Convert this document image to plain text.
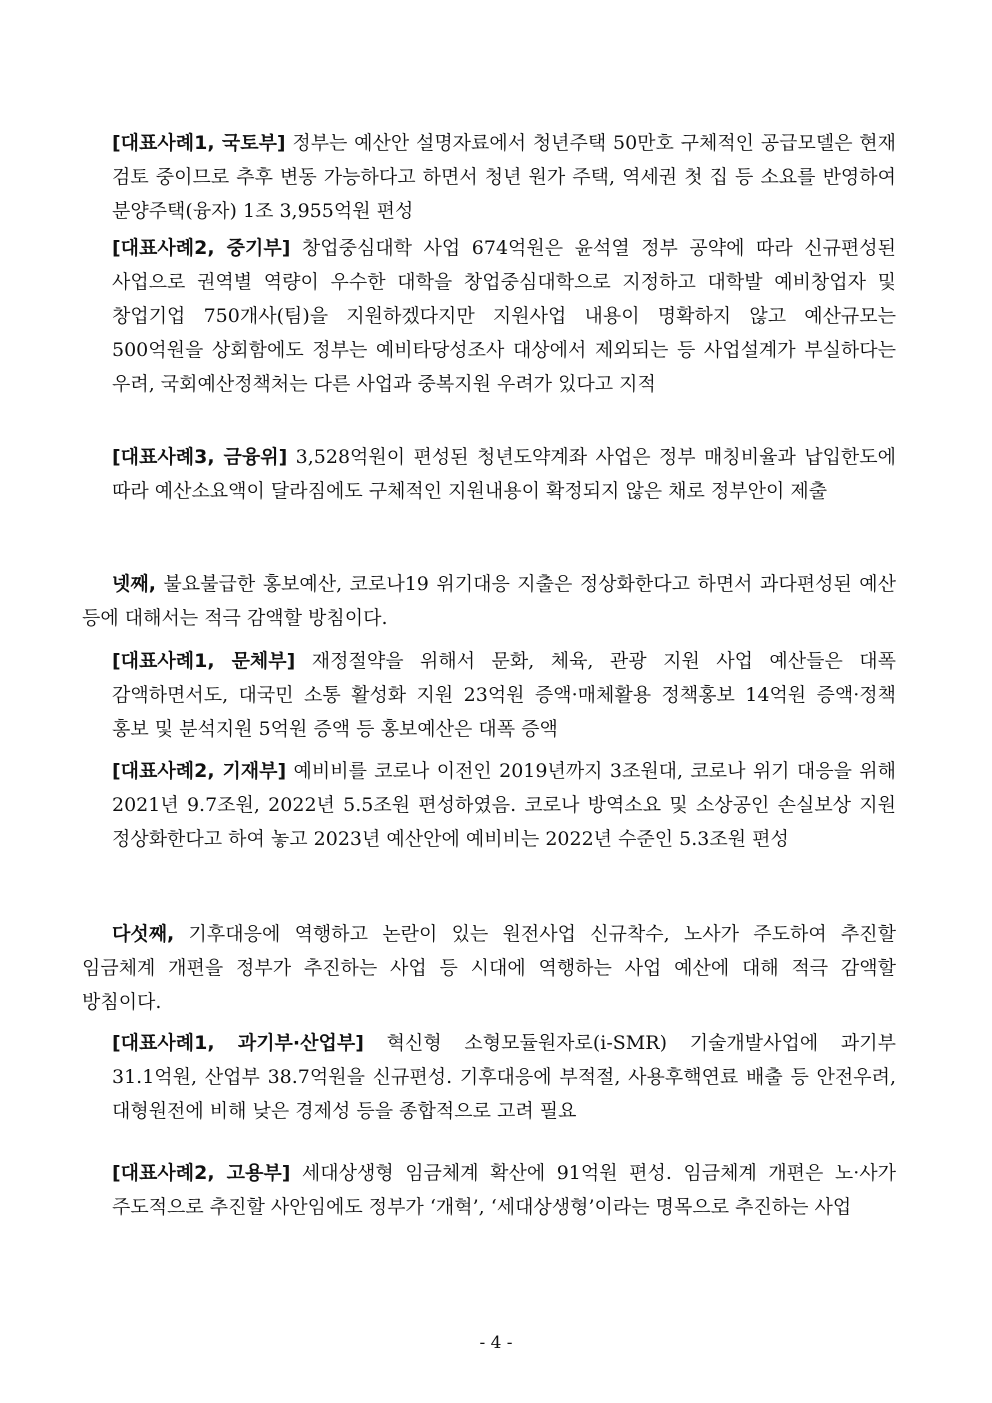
[대표사례1, 국토부] 정부는 예산안 설명자료에서 청년주택 50만호 구체적인 공급모델은 현재 검토 중이므로 추후 변동 가능하다고 하면서 청년 원가 주택, 역세권 첫 집 등 소요를 반영하여 분양주택(융자) 1조 3,955억원 편성

[대표사례2, 중기부] 창업중심대학 사업 674억원은 윤석열 정부 공약에 따라 신규편성된 사업으로 권역별 역량이 우수한 대학을 창업중심대학으로 지정하고 대학발 예비창업자 및 창업기업 750개사(팀)을 지원하겠다지만 지원사업 내용이 명확하지 않고 예산규모는 500억원을 상회함에도 정부는 예비타당성조사 대상에서 제외되는 등 사업설계가 부실하다는 우려, 국회예산정책처는 다른 사업과 중복지원 우려가 있다고 지적

[대표사례3, 금융위] 3,528억원이 편성된 청년도약계좌 사업은 정부 매칭비율과 납입한도에 따라 예산소요액이 달라짐에도 구체적인 지원내용이 확정되지 않은 채로 정부안이 제출

넷째, 불요불급한 홍보예산, 코로나19 위기대응 지출은 정상화한다고 하면서 과다편성된 예산 등에 대해서는 적극 감액할 방침이다.

[대표사례1, 문체부] 재정절약을 위해서 문화, 체육, 관광 지원 사업 예산들은 대폭 감액하면서도, 대국민 소통 활성화 지원 23억원 증액·매체활용 정책홍보 14억원 증액·정책 홍보 및 분석지원 5억원 증액 등 홍보예산은 대폭 증액

[대표사례2, 기재부] 예비비를 코로나 이전인 2019년까지 3조원대, 코로나 위기 대응을 위해 2021년 9.7조원, 2022년 5.5조원 편성하였음. 코로나 방역소요 및 소상공인 손실보상 지원 정상화한다고 하여 놓고 2023년 예산안에 예비비는 2022년 수준인 5.3조원 편성

다섯째, 기후대응에 역행하고 논란이 있는 원전사업 신규착수, 노사가 주도하여 추진할 임금체계 개편을 정부가 추진하는 사업 등 시대에 역행하는 사업 예산에 대해 적극 감액할 방침이다.

[대표사례1, 과기부·산업부] 혁신형 소형모듈원자로(i-SMR) 기술개발사업에 과기부 31.1억원, 산업부 38.7억원을 신규편성. 기후대응에 부적절, 사용후핵연료 배출 등 안전우려, 대형원전에 비해 낮은 경제성 등을 종합적으로 고려 필요

[대표사례2, 고용부] 세대상생형 임금체계 확산에 91억원 편성. 임금체계 개편은 노·사가 주도적으로 추진할 사안임에도 정부가 ‘개혁’, ‘세대상생형’이라는 명목으로 추진하는 사업

- 4 -
